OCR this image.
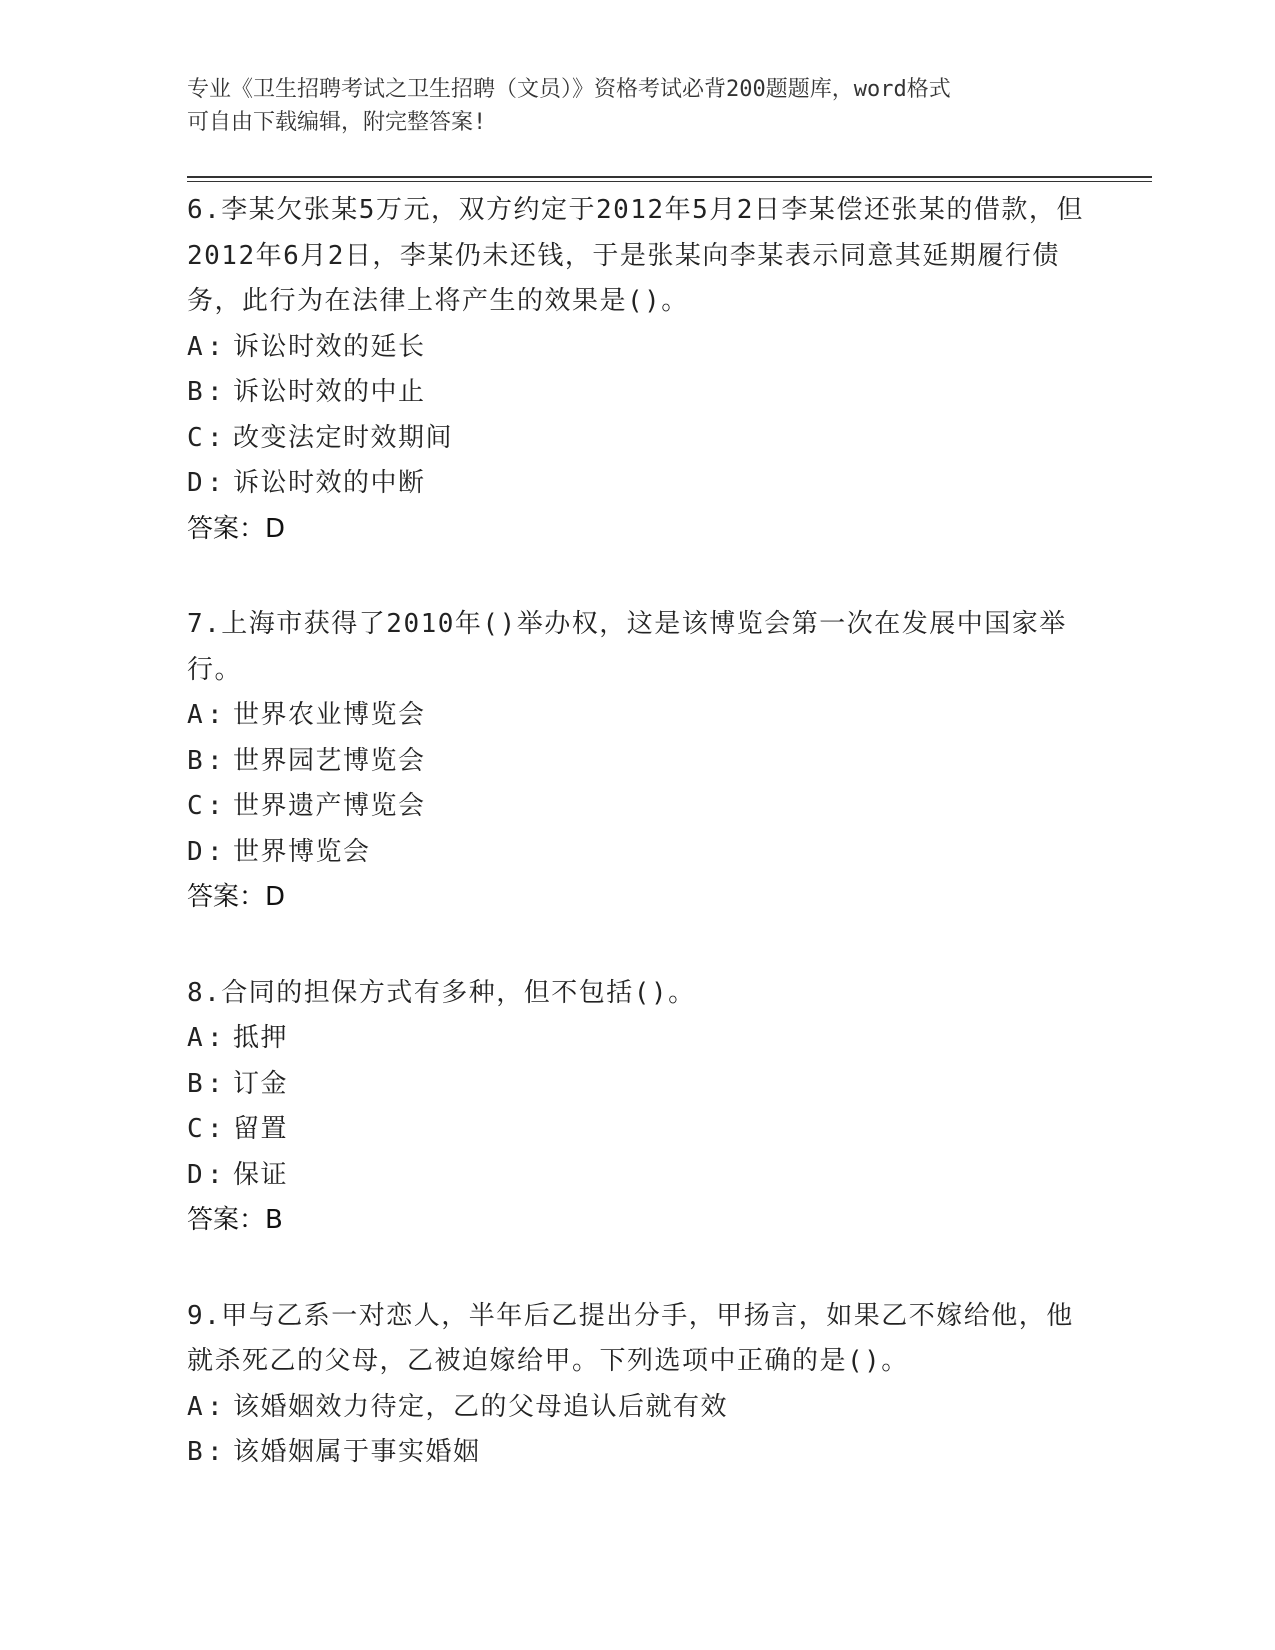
专业《卫生招聘考试之卫生招聘（文员）》资格考试必背200题题库，word格式
可自由下载编辑，附完整答案!

6.李某欠张某5万元，双方约定于2012年5月2日李某偿还张某的借款，但2012年6月2日，李某仍未还钱，于是张某向李某表示同意其延期履行债务，此行为在法律上将产生的效果是()。

A : 诉讼时效的延长
B : 诉讼时效的中止
C : 改变法定时效期间
D : 诉讼时效的中断
答案：D

7.上海市获得了2010年()举办权，这是该博览会第一次在发展中国家举行。

A : 世界农业博览会
B : 世界园艺博览会
C : 世界遗产博览会
D : 世界博览会
答案：D

8.合同的担保方式有多种，但不包括()。

A : 抵押
B : 订金
C : 留置
D : 保证
答案：B

9.甲与乙系一对恋人，半年后乙提出分手，甲扬言，如果乙不嫁给他，他就杀死乙的父母，乙被迫嫁给甲。下列选项中正确的是()。

A : 该婚姻效力待定，乙的父母追认后就有效
B : 该婚姻属于事实婚姻
